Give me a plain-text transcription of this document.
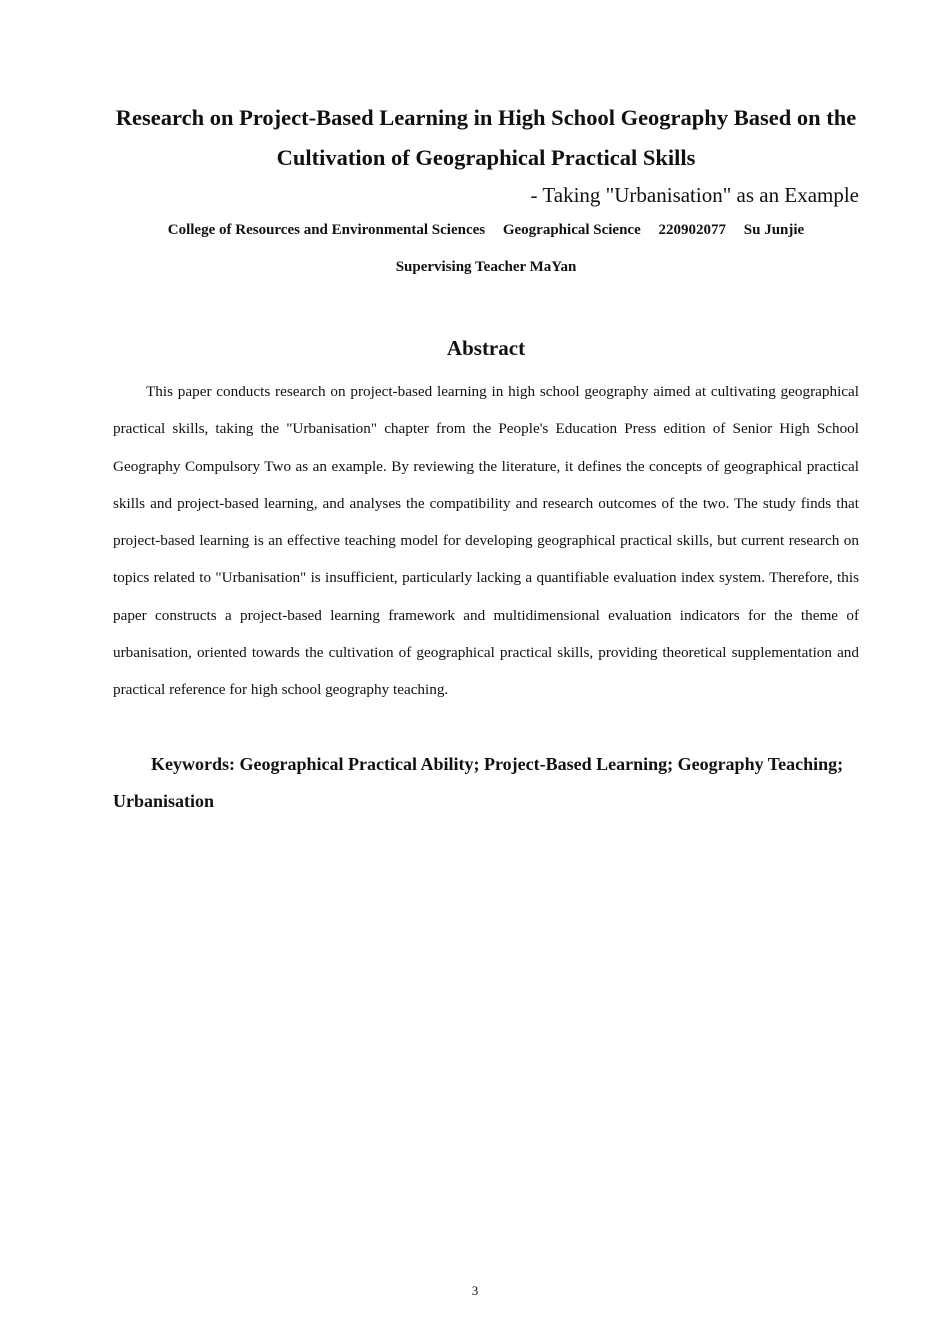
Research on Project-Based Learning in High School Geography Based on the Cultivation of Geographical Practical Skills

- Taking "Urbanisation" as an Example

College of Resources and Environmental Sciences Geographical Science 220902077 Su Junjie

Supervising Teacher MaYan

Abstract

This paper conducts research on project-based learning in high school geography aimed at cultivating geographical practical skills, taking the "Urbanisation" chapter from the People's Education Press edition of Senior High School Geography Compulsory Two as an example. By reviewing the literature, it defines the concepts of geographical practical skills and project-based learning, and analyses the compatibility and research outcomes of the two. The study finds that project-based learning is an effective teaching model for developing geographical practical skills, but current research on topics related to "Urbanisation" is insufficient, particularly lacking a quantifiable evaluation index system. Therefore, this paper constructs a project-based learning framework and multidimensional evaluation indicators for the theme of urbanisation, oriented towards the cultivation of geographical practical skills, providing theoretical supplementation and practical reference for high school geography teaching.

Keywords: Geographical Practical Ability; Project-Based Learning; Geography Teaching; Urbanisation

3
